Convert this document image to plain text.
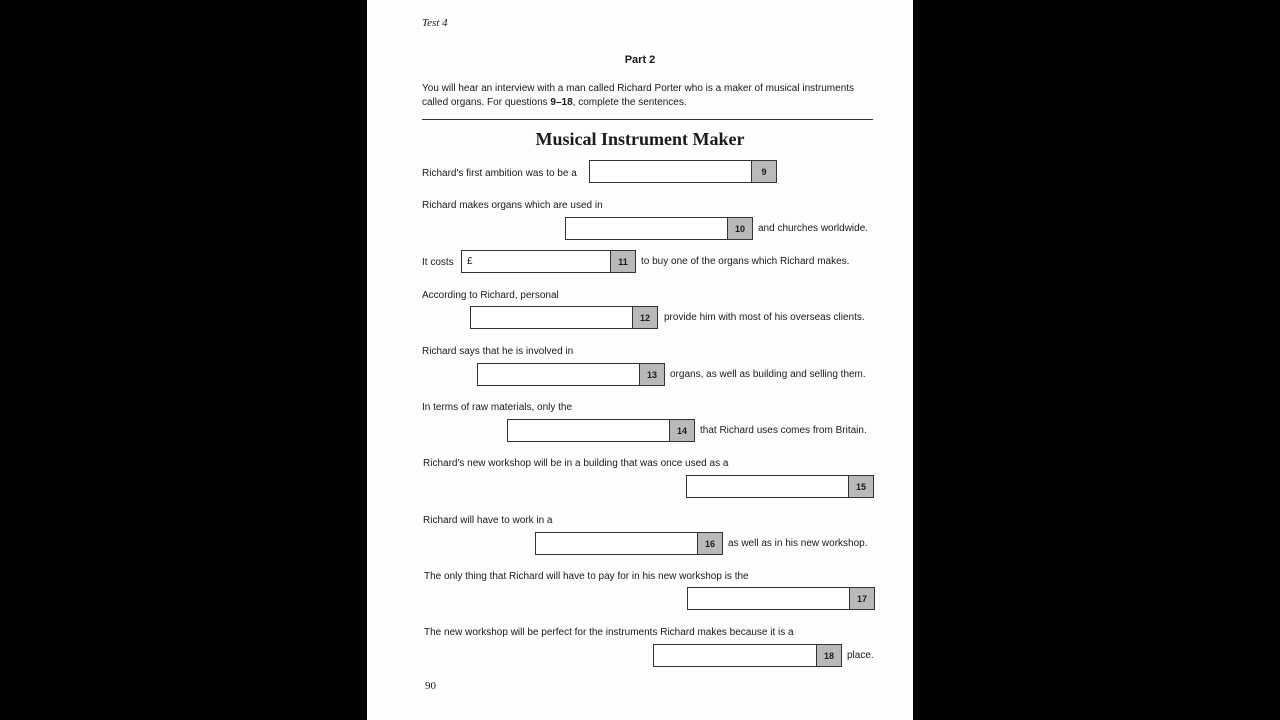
Test 4
Part 2
You will hear an interview with a man called Richard Porter who is a maker of musical instruments called organs. For questions 9–18, complete the sentences.
Musical Instrument Maker
Richard's first ambition was to be a	9
Richard makes organs which are used in
10	and churches worldwide.
It costs	£	11	to buy one of the organs which Richard makes.
According to Richard, personal
12	provide him with most of his overseas clients.
Richard says that he is involved in
13	organs, as well as building and selling them.
In terms of raw materials, only the
14	that Richard uses comes from Britain.
Richard's new workshop will be in a building that was once used as a
15
Richard will have to work in a
16	as well as in his new workshop.
The only thing that Richard will have to pay for in his new workshop is the
17
The new workshop will be perfect for the instruments Richard makes because it is a
18	place.
90
